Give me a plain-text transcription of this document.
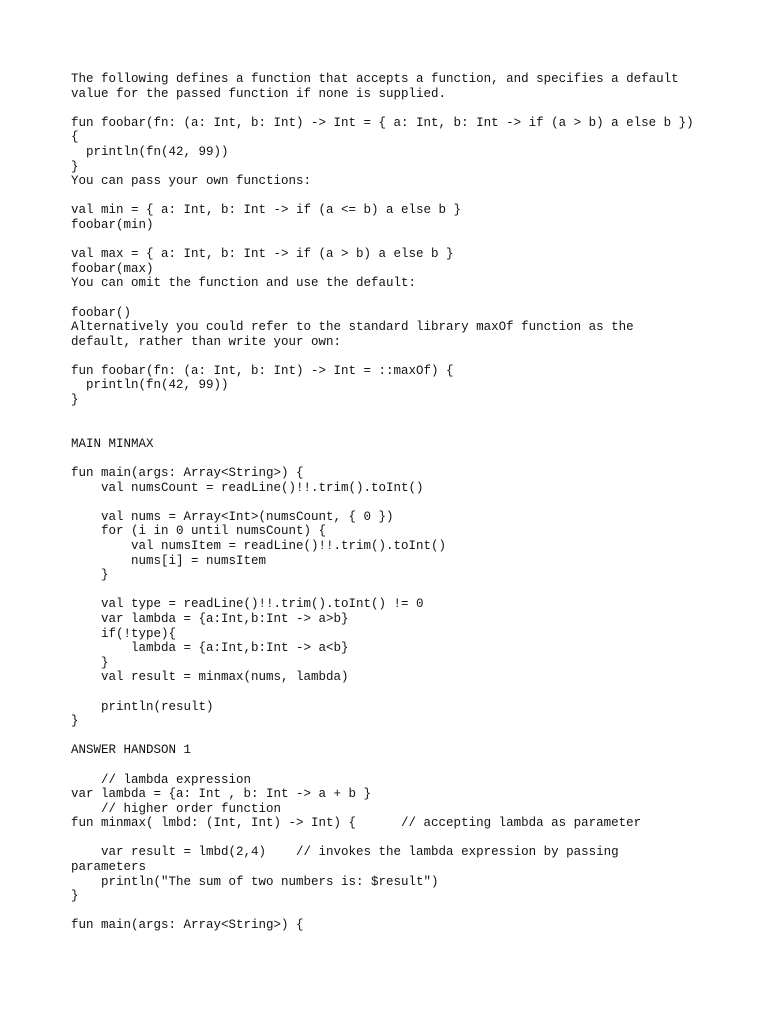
The following defines a function that accepts a function, and specifies a default
value for the passed function if none is supplied.
fun foobar(fn: (a: Int, b: Int) -> Int = { a: Int, b: Int -> if (a > b) a else b })
{
println(fn(42, 99))
}
You can pass your own functions:
val min = { a: Int, b: Int -> if (a <= b) a else b }
foobar(min)
val max = { a: Int, b: Int -> if (a > b) a else b }
foobar(max)
You can omit the function and use the default:
foobar()
Alternatively you could refer to the standard library maxOf function as the
default, rather than write your own:
fun foobar(fn: (a: Int, b: Int) -> Int = ::maxOf) {
println(fn(42, 99))
}
MAIN MINMAX
fun main(args: Array<String>) {
val numsCount = readLine()!!.trim().toInt()
val nums = Array<Int>(numsCount, { 0 })
for (i in 0 until numsCount) {
val numsItem = readLine()!!.trim().toInt()
nums[i] = numsItem
}
val type = readLine()!!.trim().toInt() != 0
var lambda = {a:Int,b:Int -> a>b}
if(!type){
lambda = {a:Int,b:Int -> a<b}
}
val result = minmax(nums, lambda)
println(result)
}
ANSWER HANDSON 1
// lambda expression
var lambda = {a: Int , b: Int -> a + b }
// higher order function
fun minmax( lmbd: (Int, Int) -> Int) {      // accepting lambda as parameter
var result = lmbd(2,4)    // invokes the lambda expression by passing
parameters
println("The sum of two numbers is: $result")
}
fun main(args: Array<String>) {
